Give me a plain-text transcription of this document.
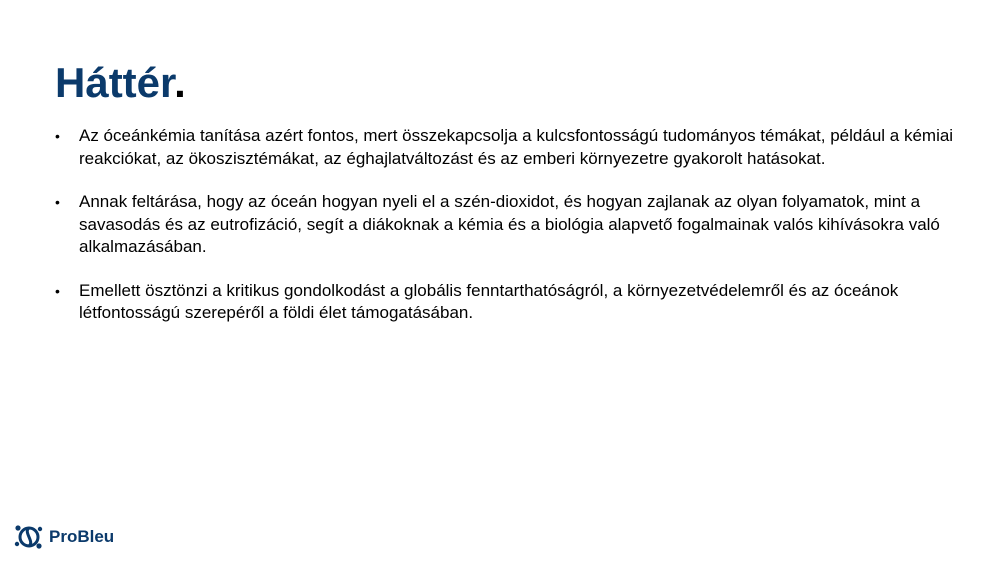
Háttér.
• Az óceánkémia tanítása azért fontos, mert összekapcsolja a kulcsfontosságú tudományos témákat, például a kémiai reakciókat, az ökoszisztémákat, az éghajlatváltozást és az emberi környezetre gyakorolt hatásokat.
• Annak feltárása, hogy az óceán hogyan nyeli el a szén-dioxidot, és hogyan zajlanak az olyan folyamatok, mint a savasodás és az eutrofizáció, segít a diákoknak a kémia és a biológia alapvető fogalmainak valós kihívásokra való alkalmazásában.
• Emellett ösztönzi a kritikus gondolkodást a globális fenntarthatóságról, a környezetvédelemről és az óceánok létfontosságú szerepéről a földi élet támogatásában.
ProBleu
